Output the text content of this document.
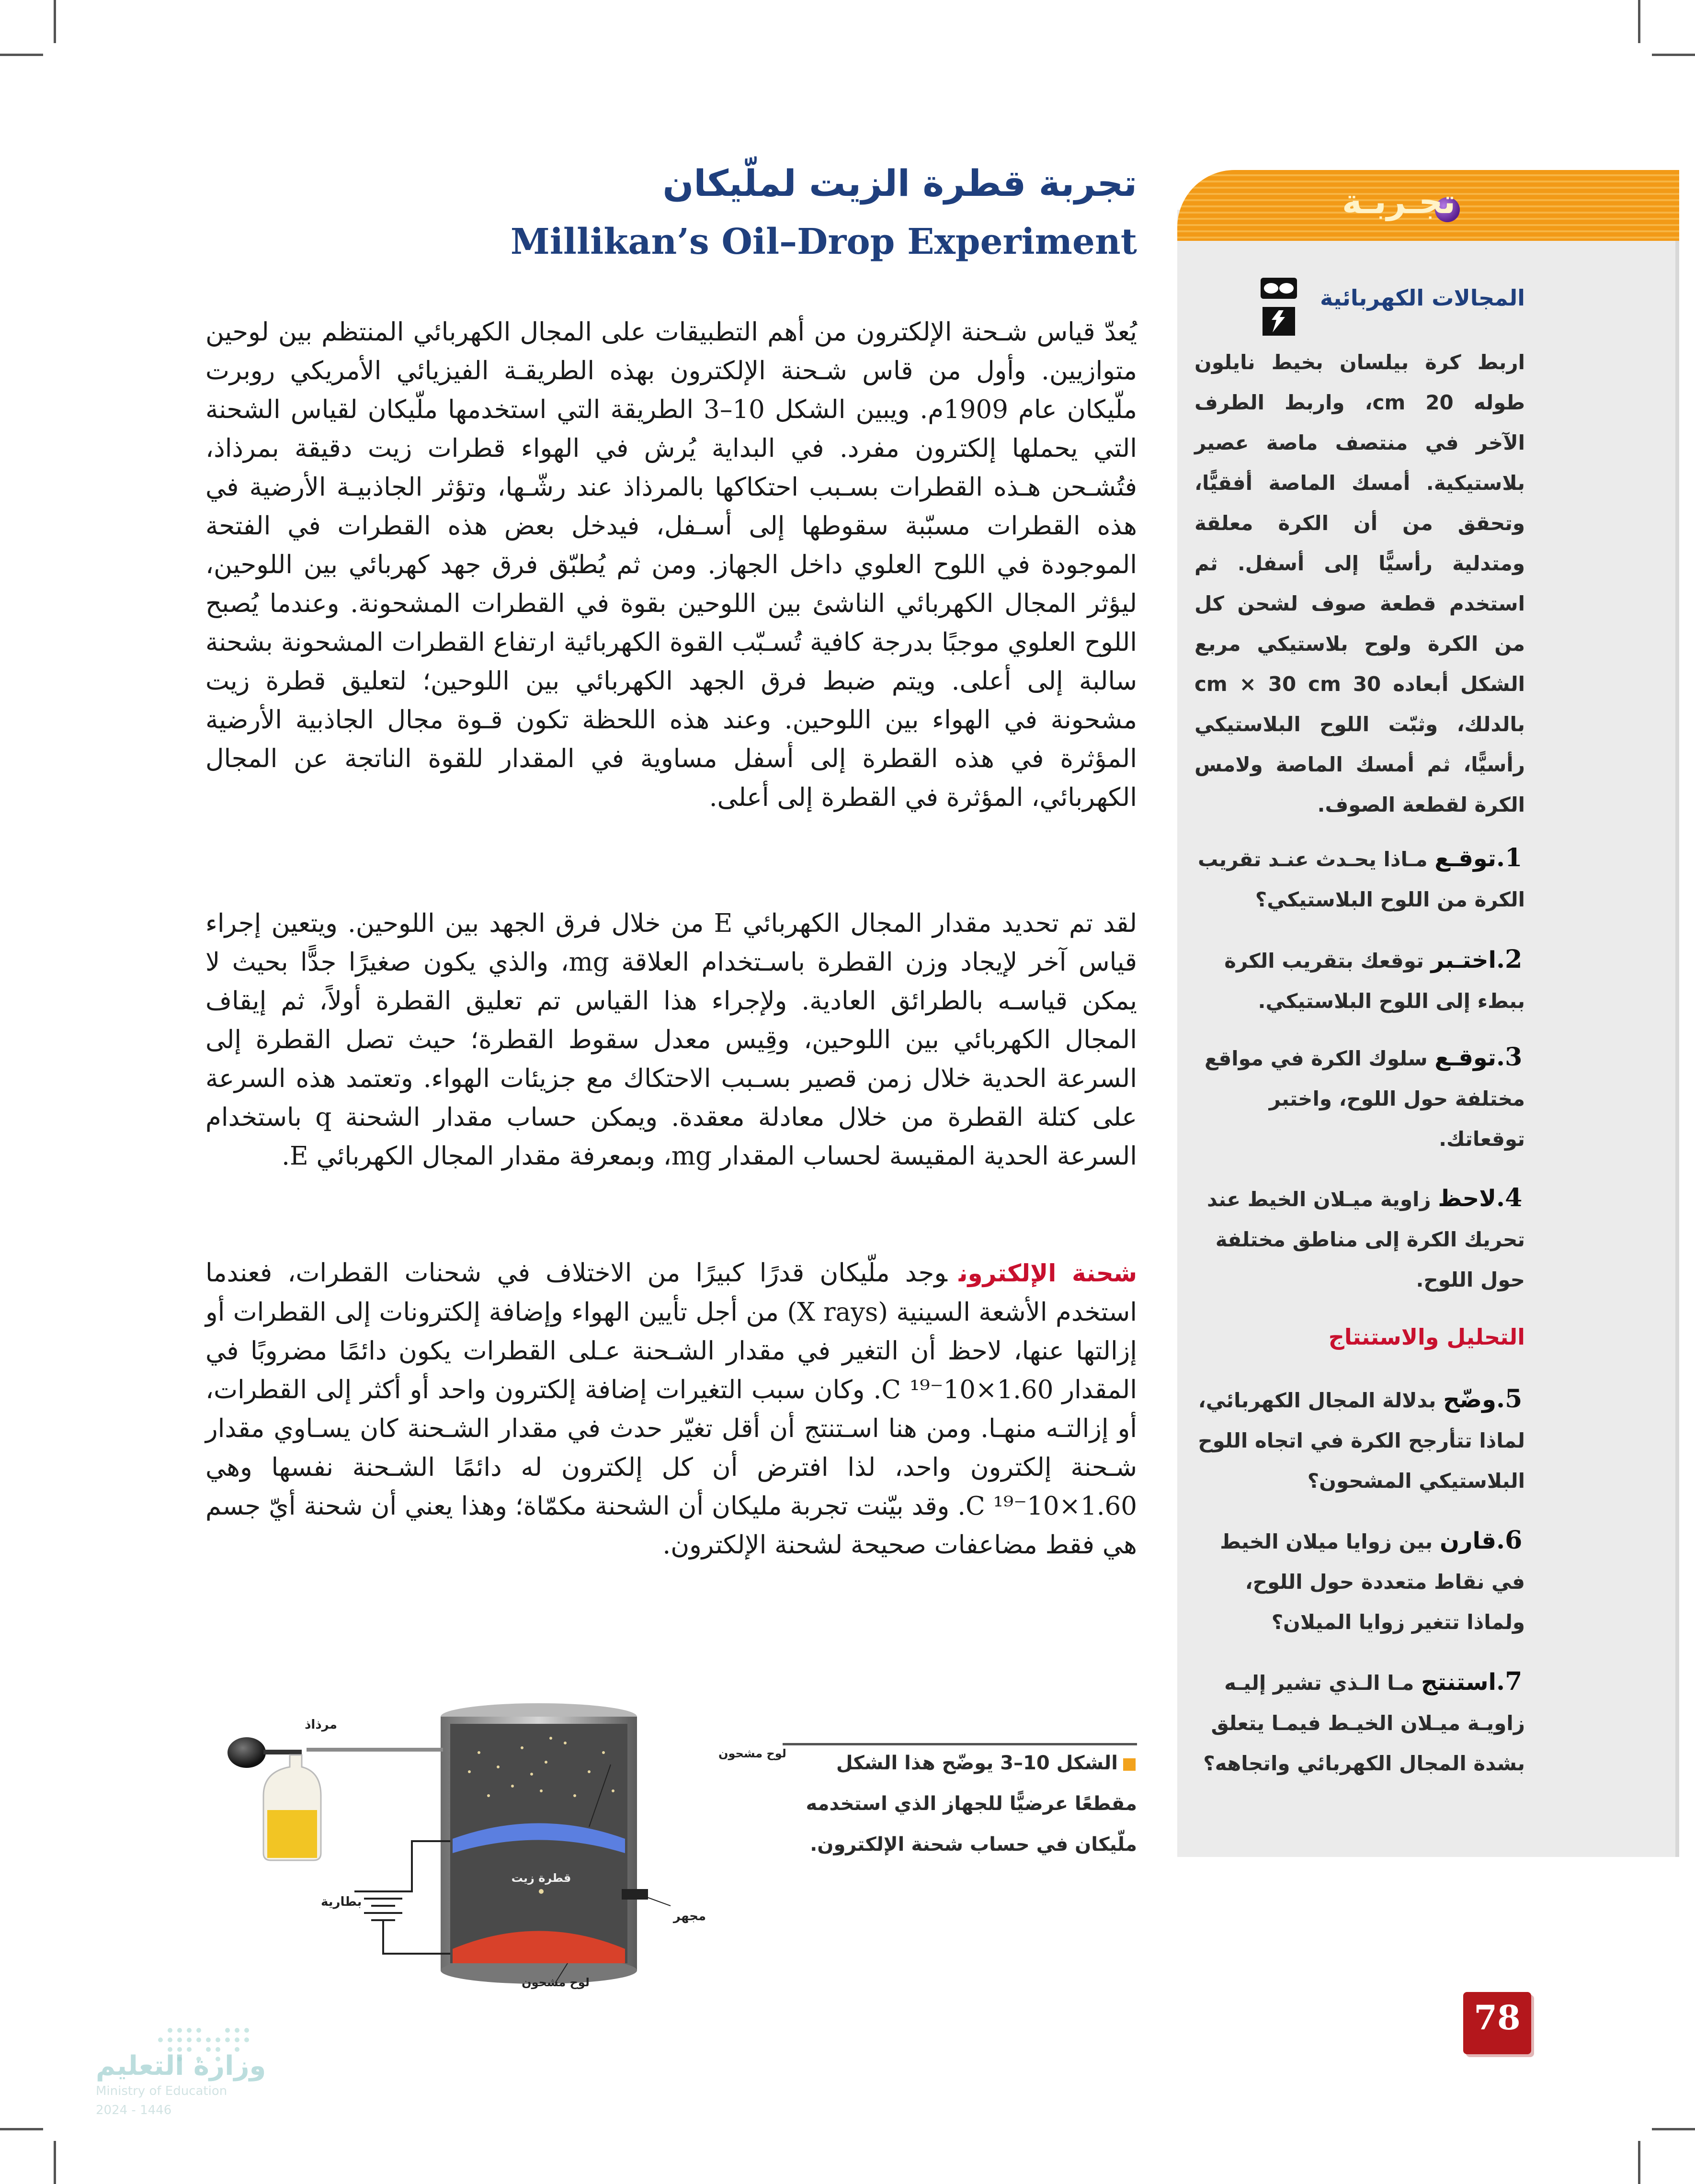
تجربة قطرة الزيت لملّيكان
Millikan’s Oil–Drop Experiment

يُعدّ قياس شـحنة الإلكترون من أهم التطبيقات على المجال الكهربائي المنتظم بين لوحين متوازيين. وأول من قاس شـحنة الإلكترون بهذه الطريقـة الفيزيائي الأمريكي روبرت ملّيكان عام 1909م. ويبين الشكل 10–3 الطريقة التي استخدمها ملّيكان لقياس الشحنة التي يحملها إلكترون مفرد. في البداية يُرش في الهواء قطرات زيت دقيقة بمرذاذ، فتُشـحن هـذه القطرات بسـبب احتكاكها بالمرذاذ عند رشّـها، وتؤثر الجاذبيـة الأرضية في هذه القطرات مسبّبة سقوطها إلى أسـفل، فيدخل بعض هذه القطرات في الفتحة الموجودة في اللوح العلوي داخل الجهاز. ومن ثم يُطبّق فرق جهد كهربائي بين اللوحين، ليؤثر المجال الكهربائي الناشئ بين اللوحين بقوة في القطرات المشحونة. وعندما يُصبح اللوح العلوي موجبًا بدرجة كافية تُسـبّب القوة الكهربائية ارتفاع القطرات المشحونة بشحنة سالبة إلى أعلى. ويتم ضبط فرق الجهد الكهربائي بين اللوحين؛ لتعليق قطرة زيت مشحونة في الهواء بين اللوحين. وعند هذه اللحظة تكون قـوة مجال الجاذبية الأرضية المؤثرة في هذه القطرة إلى أسفل مساوية في المقدار للقوة الناتجة عن المجال الكهربائي، المؤثرة في القطرة إلى أعلى.

لقد تم تحديد مقدار المجال الكهربائي E من خلال فرق الجهد بين اللوحين. ويتعين إجراء قياس آخر لإيجاد وزن القطرة باسـتخدام العلاقة mg، والذي يكون صغيرًا جدًّا بحيث لا يمكن قياسـه بالطرائق العادية. ولإجراء هذا القياس تم تعليق القطرة أولاً، ثم إيقاف المجال الكهربائي بين اللوحين، وقِيس معدل سقوط القطرة؛ حيث تصل القطرة إلى السرعة الحدية خلال زمن قصير بسـبب الاحتكاك مع جزيئات الهواء. وتعتمد هذه السرعة على كتلة القطرة من خلال معادلة معقدة. ويمكن حساب مقدار الشحنة q باستخدام السرعة الحدية المقيسة لحساب المقدار mg، وبمعرفة مقدار المجال الكهربائي E.

شحنة الإلكترونوجد ملّيكان قدرًا كبيرًا من الاختلاف في شحنات القطرات، فعندما استخدم الأشعة السينية (X rays) من أجل تأيين الهواء وإضافة إلكترونات إلى القطرات أو إزالتها عنها، لاحظ أن التغير في مقدار الشـحنة عـلى القطرات يكون دائمًا مضروبًا في المقدار 1.60×10⁻¹⁹ C. وكان سبب التغيرات إضافة إلكترون واحد أو أكثر إلى القطرات، أو إزالتـه منهـا. ومن هنا اسـتنتج أن أقل تغيّر حدث في مقدار الشـحنة كان يسـاوي مقدار شـحنة إلكترون واحد، لذا افترض أن كل إلكترون له دائمًا الشـحنة نفسها وهي 1.60×10⁻¹⁹ C. وقد بيّنت تجربة مليكان أن الشحنة مكمّاة؛ وهذا يعني أن شحنة أيّ جسم هي فقط مضاعفات صحيحة لشحنة الإلكترون.

تجـربـة
المجالات الكهربائية
اربط كرة بيلسان بخيط نايلون طوله 20 cm، واربط الطرف الآخر في منتصف ماصة عصير بلاستيكية. أمسك الماصة أفقيًّا، وتحقق من أن الكرة معلقة ومتدلية رأسيًّا إلى أسفل. ثم استخدم قطعة صوف لشحن كل من الكرة ولوح بلاستيكي مربع الشكل أبعاده 30 cm × 30 cm بالدلك، وثبّت اللوح البلاستيكي رأسيًّا، ثم أمسك الماصة ولامس الكرة لقطعة الصوف.
1.توقـع مـاذا يحـدث عنـد تقريب الكرة من اللوح البلاستيكي؟
2.اختـبر توقعك بتقريب الكرة ببطء إلى اللوح البلاستيكي.
3.توقـع سلوك الكرة في مواقع مختلفة حول اللوح، واختبر توقعاتك.
4.لاحظ زاوية ميـلان الخيط عند تحريك الكرة إلى مناطق مختلفة حول اللوح.
التحليل والاستنتاج
5.وضّح بدلالة المجال الكهربائي، لماذا تتأرجح الكرة في اتجاه اللوح البلاستيكي المشحون؟
6.قارن بين زوايا ميلان الخيط في نقاط متعددة حول اللوح، ولماذا تتغير زوايا الميلان؟
7.استنتج مـا الـذي تشير إليـه زاويـة ميـلان الخيـط فيمـا يتعلق بشدة المجال الكهربائي واتجاهه؟
الشكل 10–3 يوضّح هذا الشكل مقطعًا عرضيًّا للجهاز الذي استخدمه ملّيكان في حساب شحنة الإلكترون.
مرذاذ
لوح مشحون
بطارية
قطرة زيت
مجهر
لوح مشحون
وزارة التعليم
Ministry of Education
2024 - 1446
78
